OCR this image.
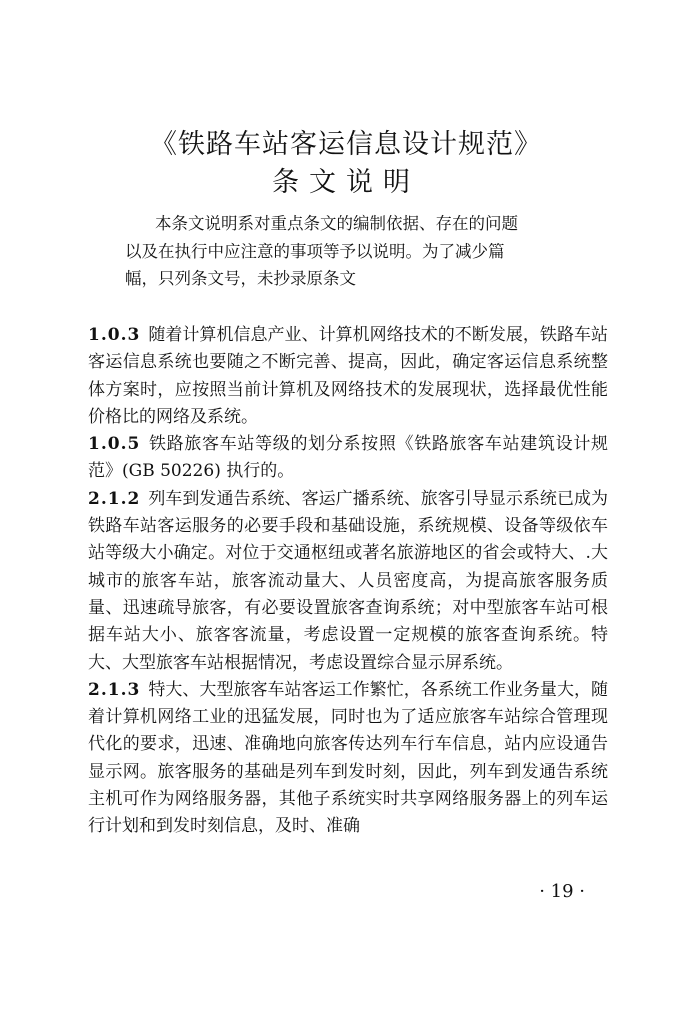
《铁路车站客运信息设计规范》
条文说明
本条文说明系对重点条文的编制依据、存在的问题
以及在执行中应注意的事项等予以说明。为了减少篇
幅，只列条文号，未抄录原条文

1.0.3 随着计算机信息产业、计算机网络技术的不断发展，铁路车站客运信息系统也要随之不断完善、提高，因此，确定客运信息系统整体方案时，应按照当前计算机及网络技术的发展现状，选择最优性能价格比的网络及系统。

1.0.5 铁路旅客车站等级的划分系按照《铁路旅客车站建筑设计规范》(GB 50226) 执行的。

2.1.2 列车到发通告系统、客运广播系统、旅客引导显示系统已成为铁路车站客运服务的必要手段和基础设施，系统规模、设备等级依车站等级大小确定。对位于交通枢纽或著名旅游地区的省会或特大、.大城市的旅客车站，旅客流动量大、人员密度高，为提高旅客服务质量、迅速疏导旅客，有必要设置旅客查询系统；对中型旅客车站可根据车站大小、旅客客流量，考虑设置一定规模的旅客查询系统。特大、大型旅客车站根据情况，考虑设置综合显示屏系统。

2.1.3 特大、大型旅客车站客运工作繁忙，各系统工作业务量大，随着计算机网络工业的迅猛发展，同时也为了适应旅客车站综合管理现代化的要求，迅速、准确地向旅客传达列车行车信息，站内应设通告显示网。旅客服务的基础是列车到发时刻，因此，列车到发通告系统主机可作为网络服务器，其他子系统实时共享网络服务器上的列车运行计划和到发时刻信息，及时、准确

· 19 ·
